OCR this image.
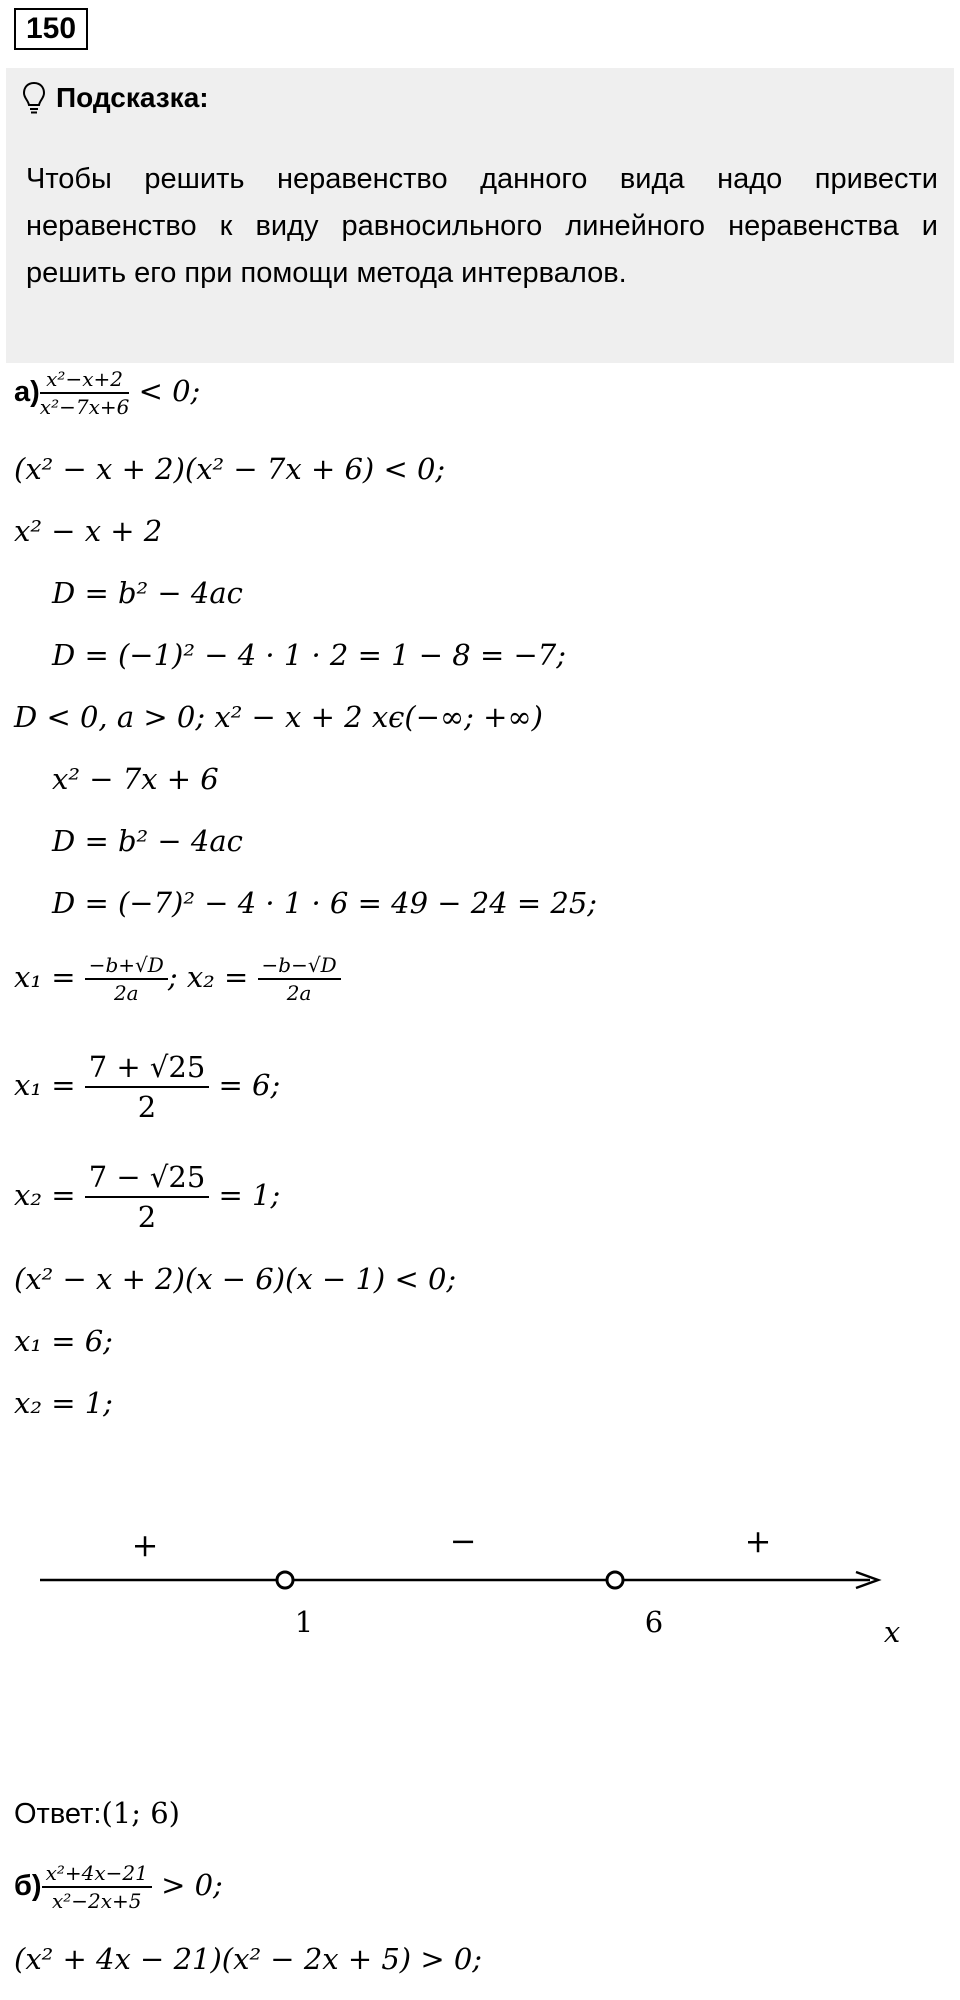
150
Подсказка:
Чтобы решить неравенство данного вида надо привести неравенство к виду равносильного линейного неравенства и решить его при помощи метода интервалов.
$а) \frac{\text{x²−x+2}}{\text{x²−7x+6}} < 0$;
(x² − x + 2)(x² − 7x + 6) < 0;
x² − x + 2
D = b² − 4ac
D = (−1)² − 4 · 1 · 2 = 1 − 8 = −7;
D < 0, a > 0; x² − x + 2 xϵ(−∞; +∞)
x² − 7x + 6
D = b² − 4ac
D = (−7)² − 4 · 1 · 6 = 49 − 24 = 25;
$x_1 = \frac{-b+√D}{2a}$ ; $x_2 = \frac{-b-√D}{2a}$
$x_1 = \frac{7 + √25}{2} = 6$;
$x_2 = \frac{7 - √25}{2} = 1$;
(x² − x + 2)(x − 6)(x − 1) < 0;
x₁ = 6;
x₂ = 1;
+	−	+
1	6	x
Ответ:(1; 6)
$б) \frac{\text{x²+4x−21}}{\text{x²−2x+5}} > 0$;
(x² + 4x − 21)(x² − 2x + 5) > 0;
